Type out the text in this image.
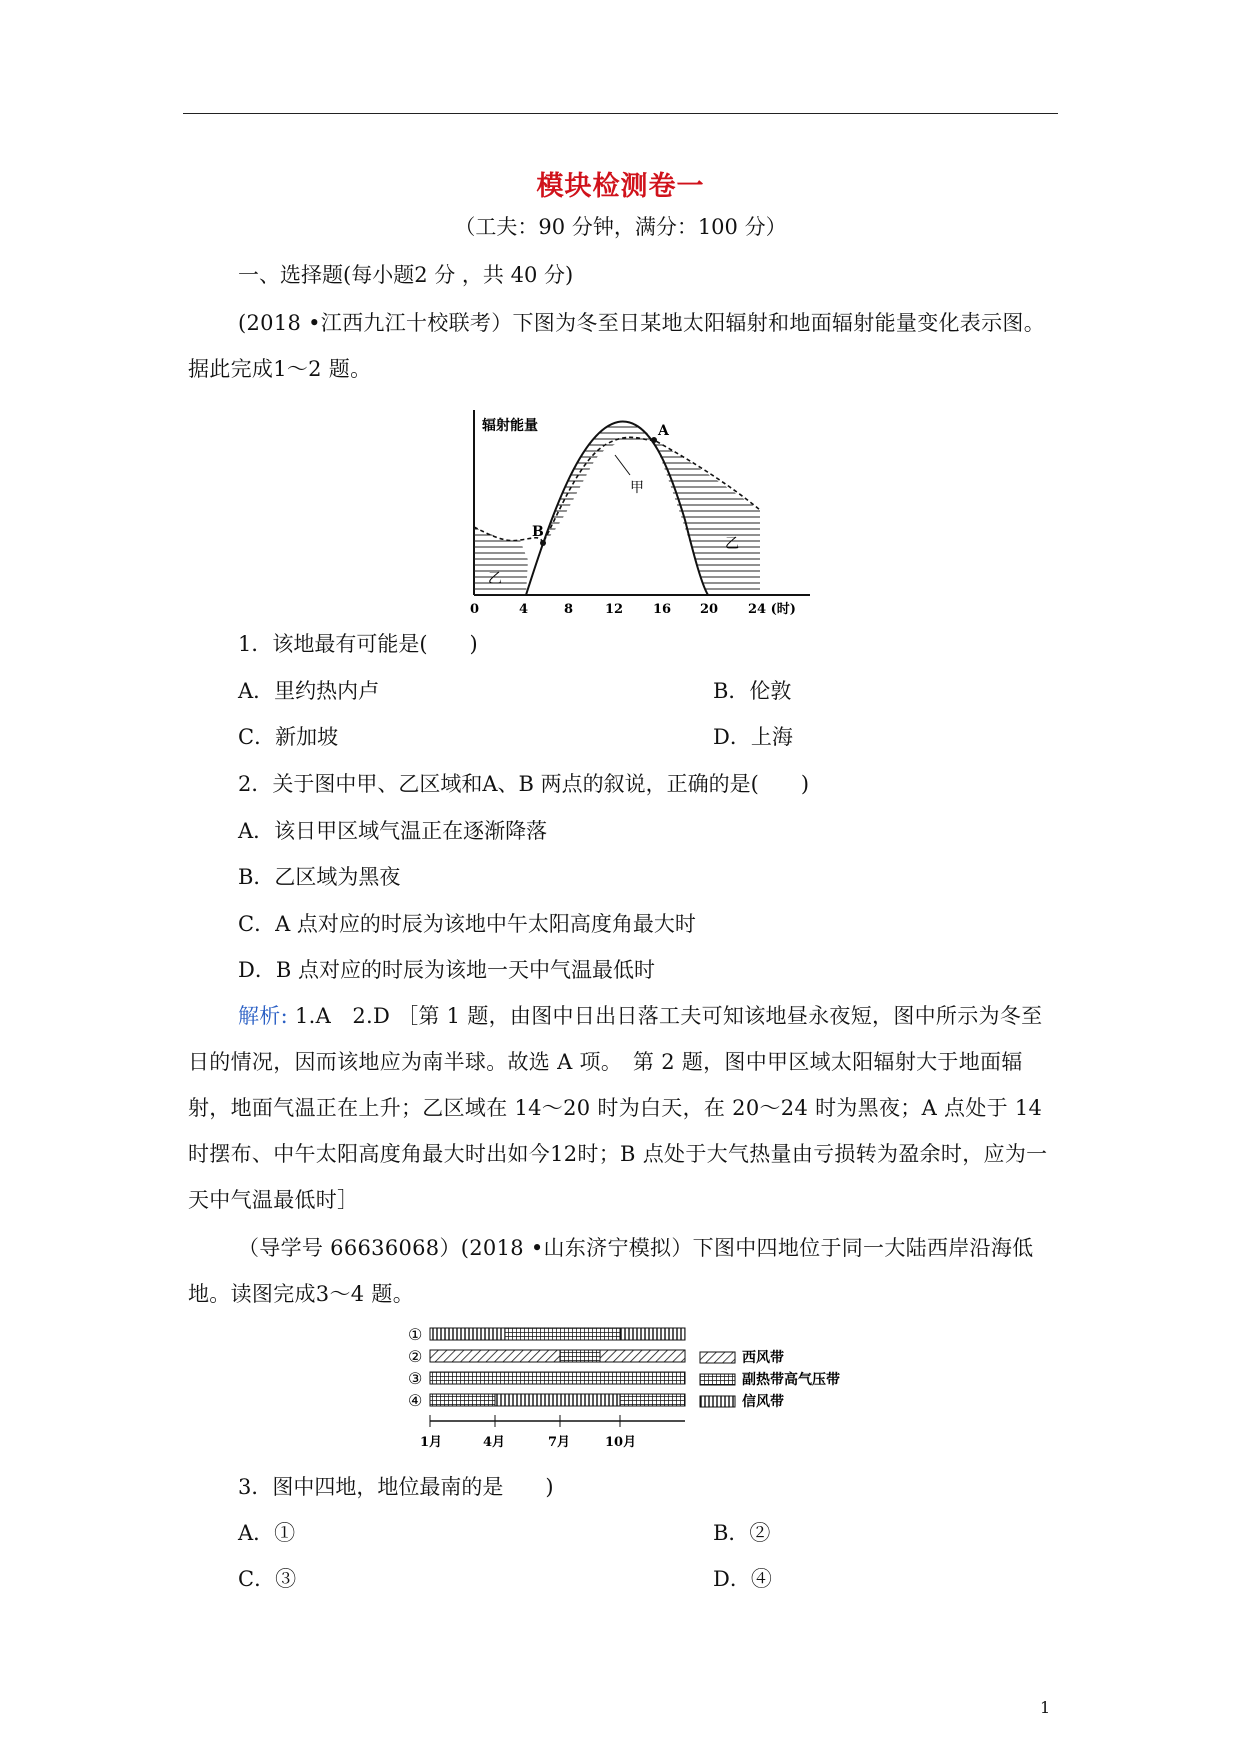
模块检测卷一
（工夫：90 分钟，满分：100 分）
一、选择题(每小题2 分 ，共 40 分)
(2018 •江西九江十校联考）下图为冬至日某地太阳辐射和地面辐射能量变化表示图。据此完成1～2 题。
辐射能量	A
B
甲
乙
乙
0	4	8 12 16 20 24 (时)
1．该地最有可能是(　　)
A．里约热内卢	B．伦敦
C．新加坡	D．上海
2．关于图中甲、乙区域和A、B 两点的叙说，正确的是(　　)
A．该日甲区域气温正在逐渐降落
B．乙区域为黑夜
C．A 点对应的时辰为该地中午太阳高度角最大时
D．B 点对应的时辰为该地一天中气温最低时
解析: 1.A　2.D ［第 1 题，由图中日出日落工夫可知该地昼永夜短，图中所示为冬至日的情况，因而该地应为南半球。故选 A 项。　第 2 题，图中甲区域太阳辐射大于地面辐射，地面气温正在上升；乙区域在 14～20 时为白天，在 20～24 时为黑夜；A 点处于 14 时摆布、中午太阳高度角最大时出如今12时；B 点处于大气热量由亏损转为盈余时，应为一天中气温最低时］
（导学号 66636068）(2018 •山东济宁模拟）下图中四地位于同一大陆西岸沿海低地。读图完成3～4 题。
①
②
③
④
西风带
副热带高气压带
信风带
1月	4月	7月	10月
3．图中四地，地位最南的是　　)
A．①	B．②
C．③	D．④
1
